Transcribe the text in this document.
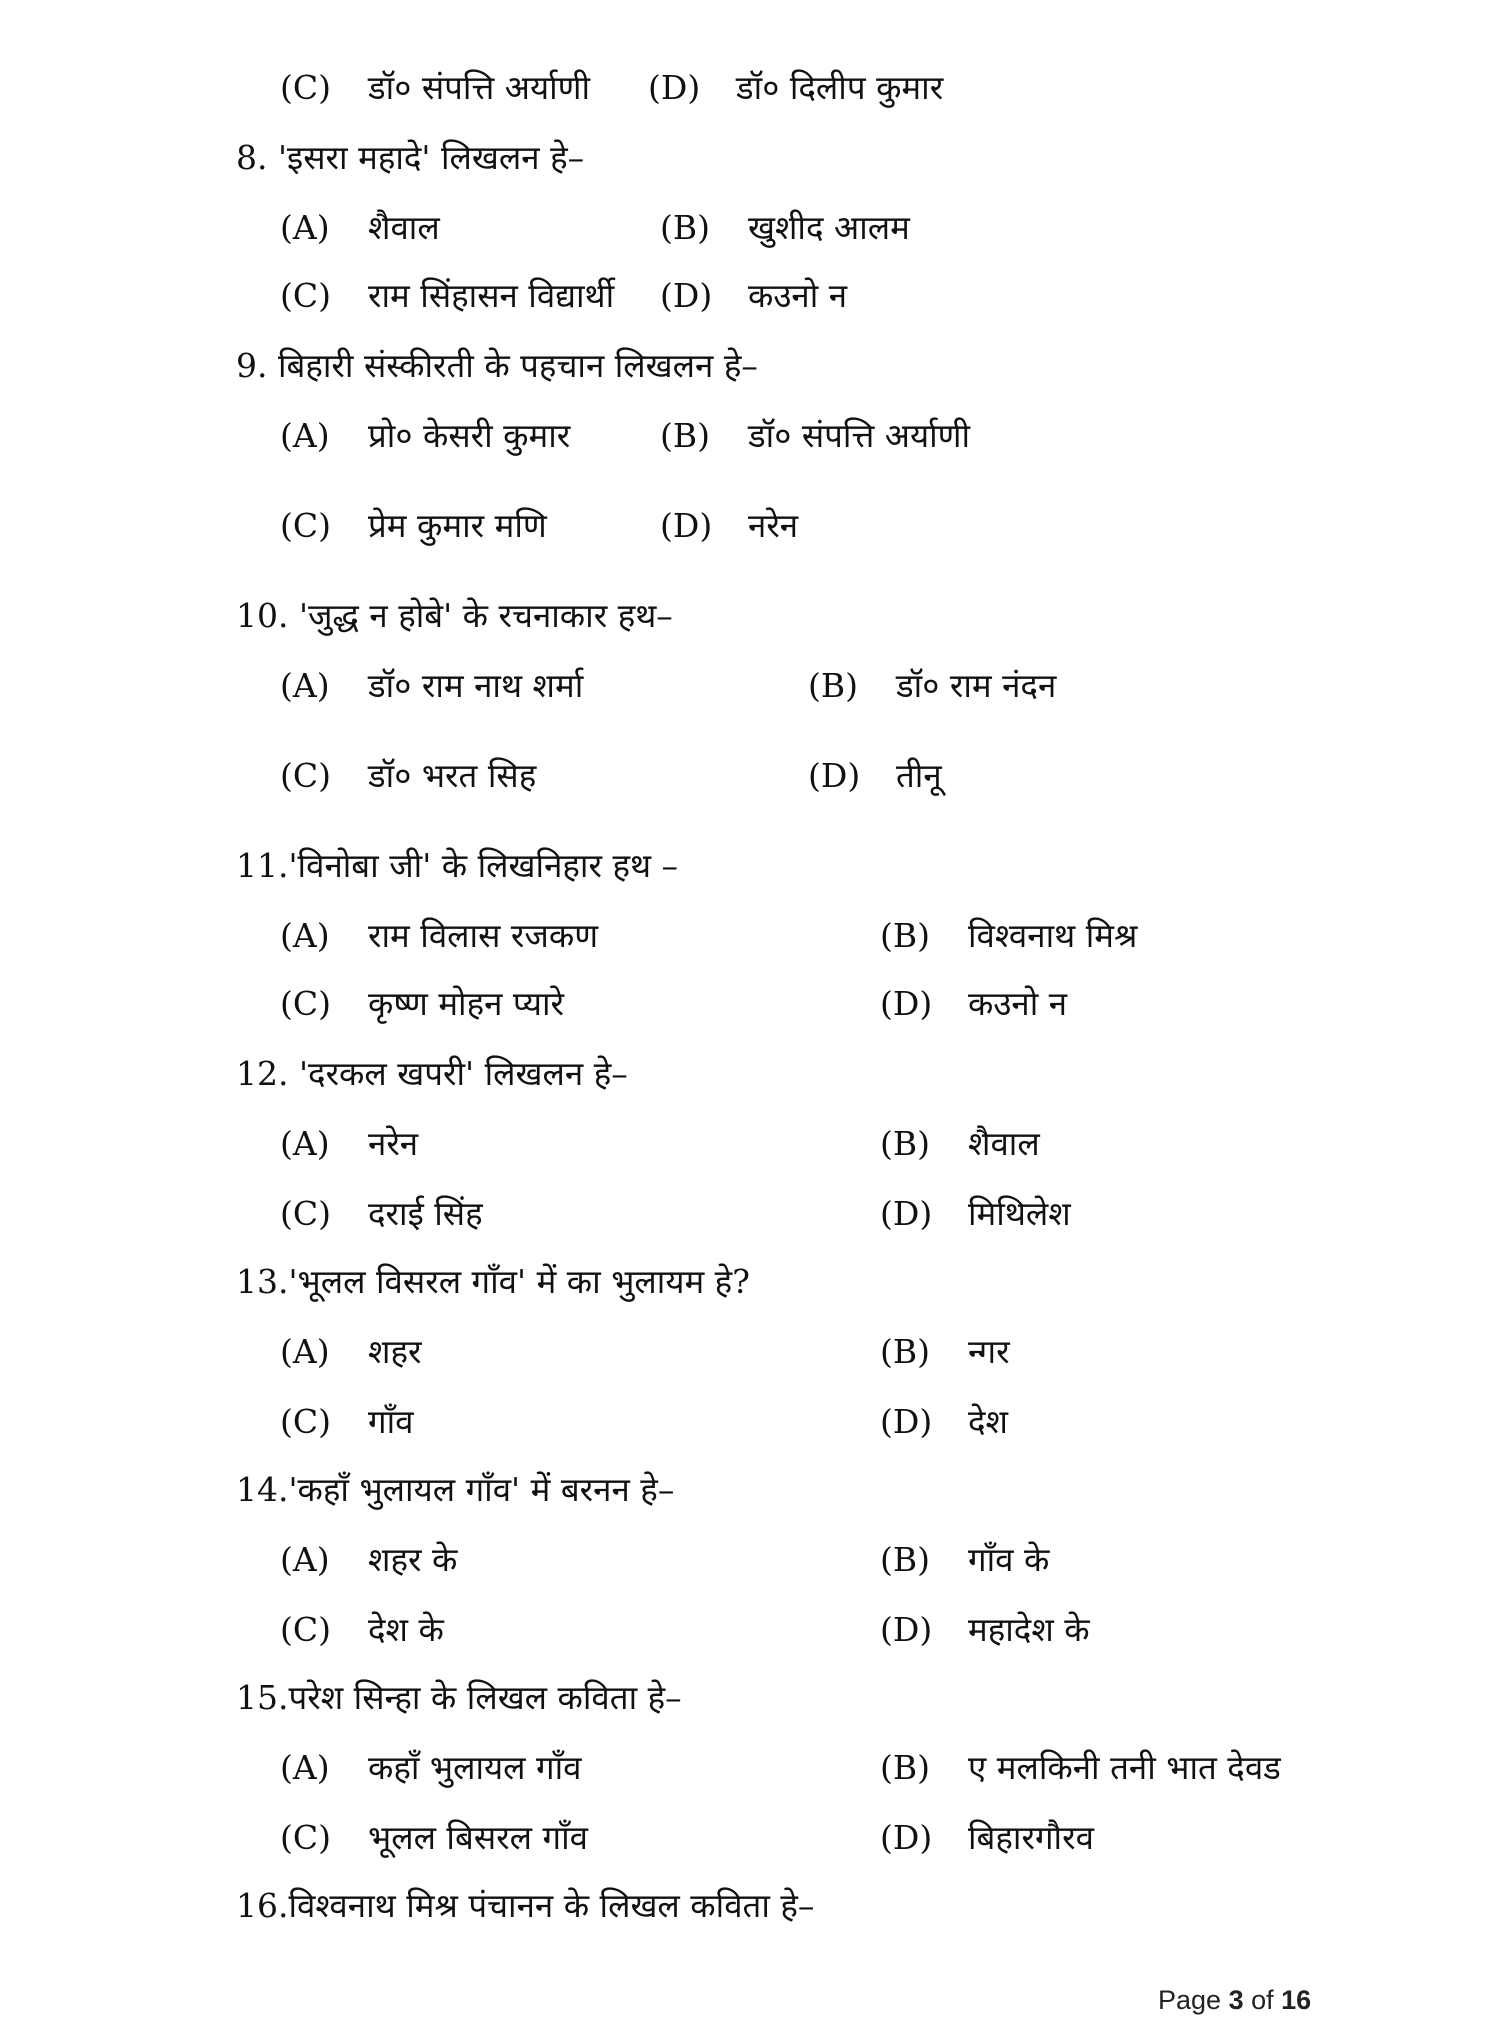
(C) डॉ० संपत्ति अर्याणी (D) डॉ० दिलीप कुमार
8. 'इसरा महादे' लिखलन हे–
(A) शैवाल	(B) खुशीद आलम
(C) राम सिंहासन विद्यार्थी (D) कउनो न
9. बिहारी संस्कीरती के पहचान लिखलन हे–
(A) प्रो० केसरी कुमार	(B) डॉ० संपत्ति अर्याणी
(C) प्रेम कुमार मणि	(D) नरेन
10. 'जुद्ध न होबे' के रचनाकार हथ–
(A) डॉ० राम नाथ शर्मा	(B) डॉ० राम नंदन
(C) डॉ० भरत सिह	(D) तीनू
11.'विनोबा जी' के लिखनिहार हथ –
(A) राम विलास रजकण	(B) विश्वनाथ मिश्र
(C) कृष्ण मोहन प्यारे	(D) कउनो न
12. 'दरकल खपरी' लिखलन हे–
(A) नरेन	(B) शैवाल
(C) दराई सिंह	(D) मिथिलेश
13.'भूलल विसरल गाँव' में का भुलायम हे?
(A) शहर	(B) न्गर
(C) गाँव	(D) देश
14.'कहाँ भुलायल गाँव' में बरनन हे–
(A) शहर के	(B) गाँव के
(C) देश के	(D) महादेश के
15.परेश सिन्हा के लिखल कविता हे–
(A) कहाँ भुलायल गाँव	(B) ए मलकिनी तनी भात देवड
(C) भूलल बिसरल गाँव	(D) बिहारगौरव
16.विश्वनाथ मिश्र पंचानन के लिखल कविता हे–
Page 3 of 16
